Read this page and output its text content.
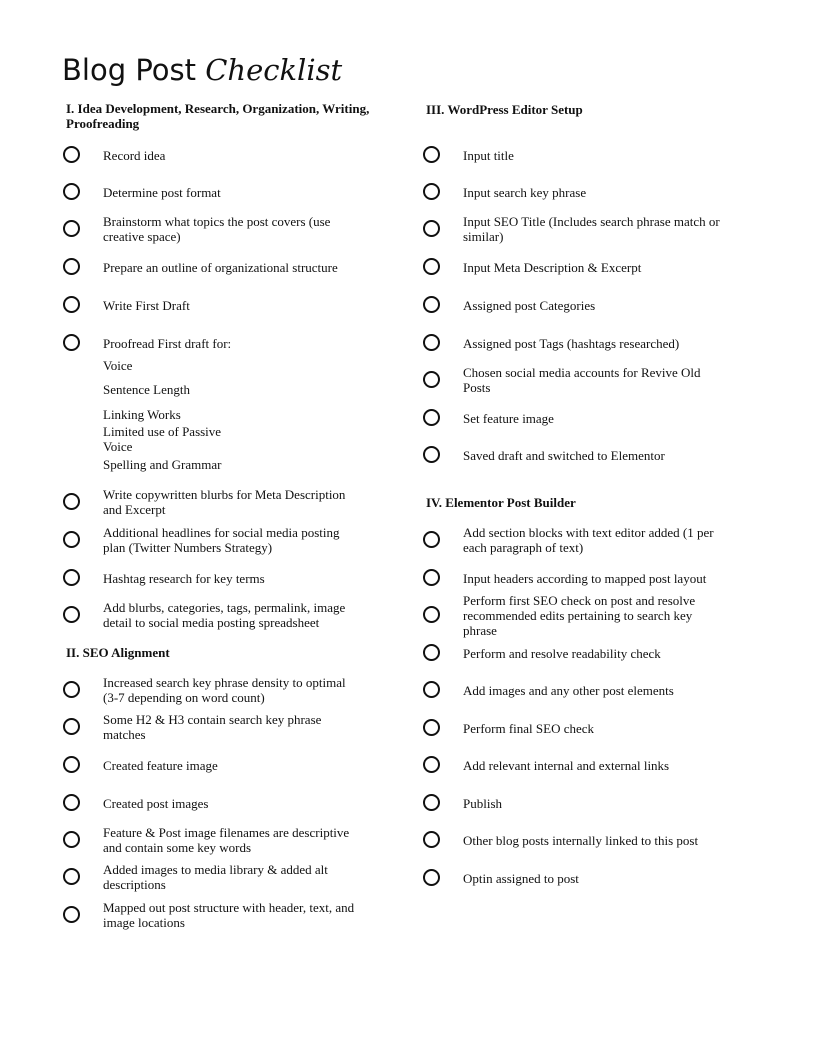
Blog Post Checklist
I. Idea Development, Research, Organization, Writing,
Proofreading
Record idea
Determine post format
Brainstorm what topics the post covers (use
creative space)
Prepare an outline of organizational structure
Write First Draft
Proofread First draft for:
Write copywritten blurbs for Meta Description
and Excerpt
Additional headlines for social media posting
plan (Twitter Numbers Strategy)
Hashtag research for key terms
Add blurbs, categories, tags, permalink, image
detail to social media posting spreadsheet
Voice
Sentence Length
Linking Works
Limited use of Passive
Voice
Spelling and Grammar
II. SEO Alignment
Increased search key phrase density to optimal
(3-7 depending on word count)
Some H2 & H3 contain search key phrase
matches
Created feature image
Created post images
Feature & Post image filenames are descriptive
and contain some key words
Added images to media library & added alt
descriptions
Mapped out post structure with header, text, and
image locations
III. WordPress Editor Setup
Input title
Input search key phrase
Input SEO Title (Includes search phrase match or
similar)
Input Meta Description & Excerpt
Assigned post Categories
Assigned post Tags (hashtags researched)
Chosen social media accounts for Revive Old
Posts
Set feature image
Saved draft and switched to Elementor
IV. Elementor Post Builder
Add section blocks with text editor added (1 per
each paragraph of text)
Input headers according to mapped post layout
Perform first SEO check on post and resolve
recommended edits pertaining to search key
phrase
Perform and resolve readability check
Add images and any other post elements
Perform final SEO check
Add relevant internal and external links
Publish
Other blog posts internally linked to this post
Optin assigned to post
